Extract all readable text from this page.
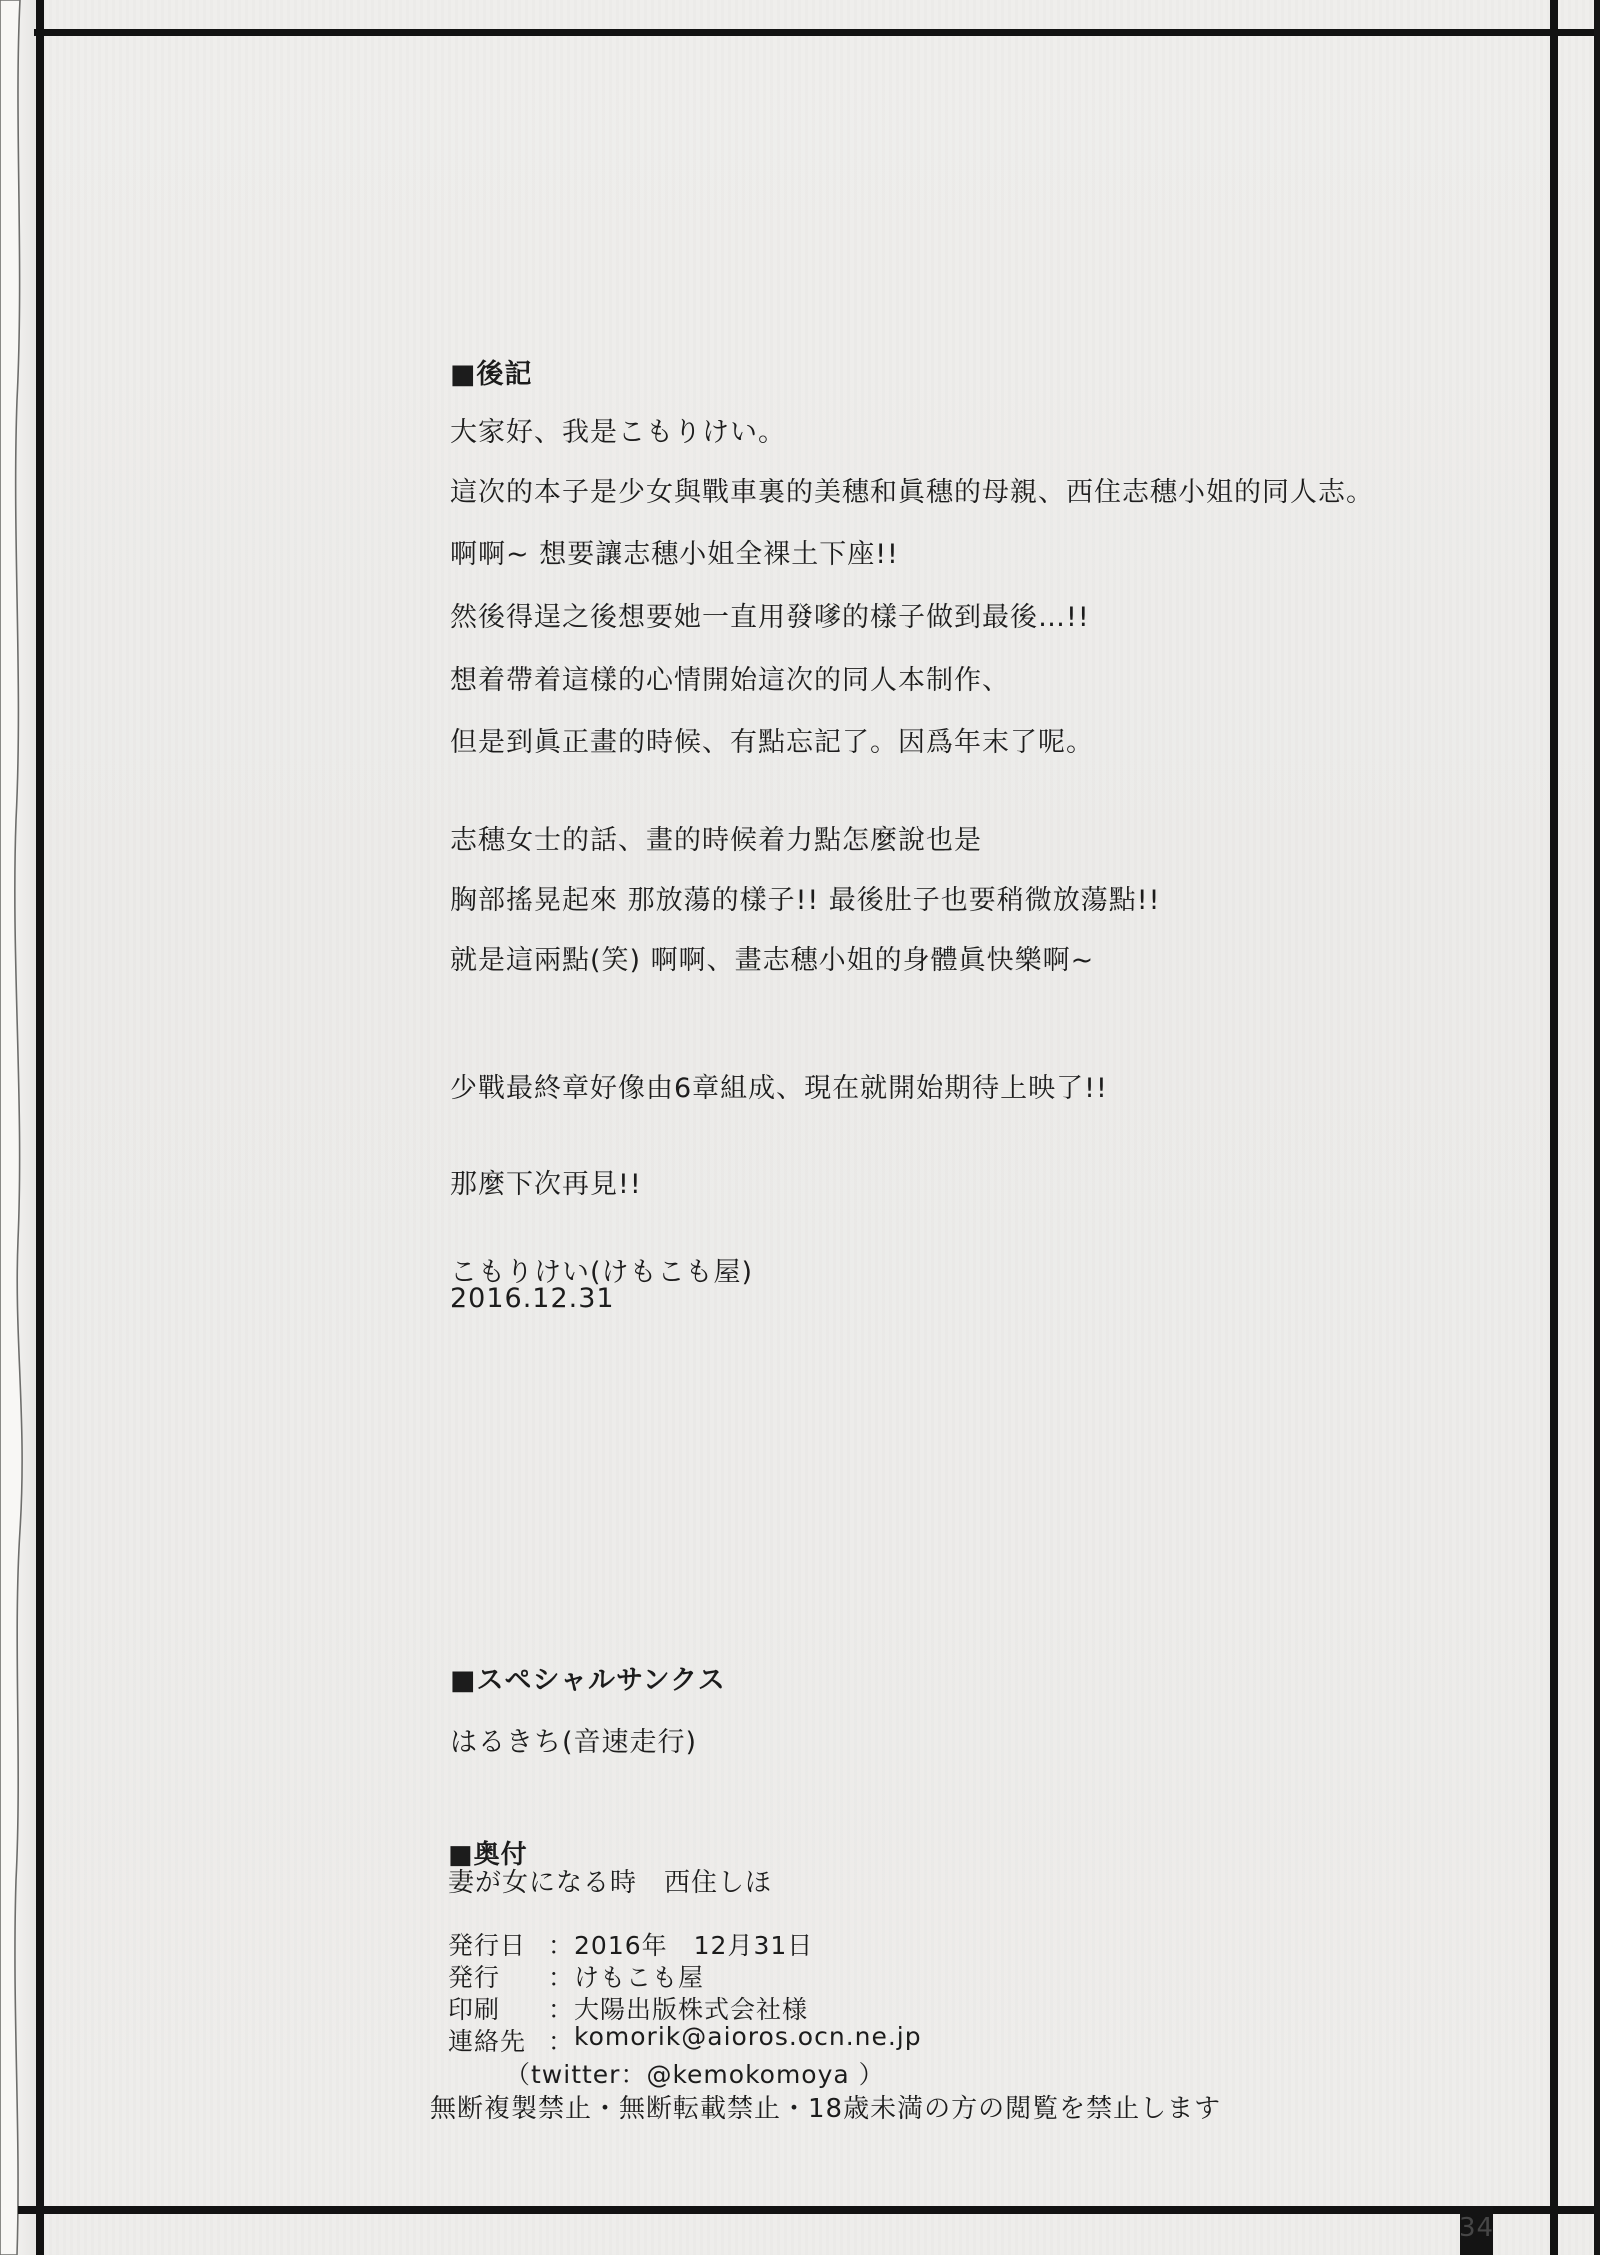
■後記
大家好、我是こもりけい。
這次的本子是少女與戰車裏的美穗和眞穗的母親、西住志穗小姐的同人志。
啊啊~ 想要讓志穗小姐全裸土下座!!
然後得逞之後想要她一直用發嗲的樣子做到最後…!!
想着帶着這樣的心情開始這次的同人本制作、
但是到眞正畫的時候、有點忘記了。因爲年末了呢。
志穗女士的話、畫的時候着力點怎麼說也是
胸部搖晃起來 那放蕩的樣子!! 最後肚子也要稍微放蕩點!!
就是這兩點(笑) 啊啊、畫志穗小姐的身體眞快樂啊~
少戰最終章好像由6章組成、現在就開始期待上映了!!
那麼下次再見!!
こもりけい(けもこも屋)
2016.12.31
■スペシャルサンクス
はるきち(音速走行)
■奥付
妻が女になる時　西住しほ
発行日 ： 2016年　12月31日
発行	： けもこも屋
印刷	： 大陽出版株式会社様
連絡先 ： komorik@aioros.ocn.ne.jp
（twitter：@kemokomoya ）
無断複製禁止・無断転載禁止・18歳未満の方の閲覧を禁止します
34
